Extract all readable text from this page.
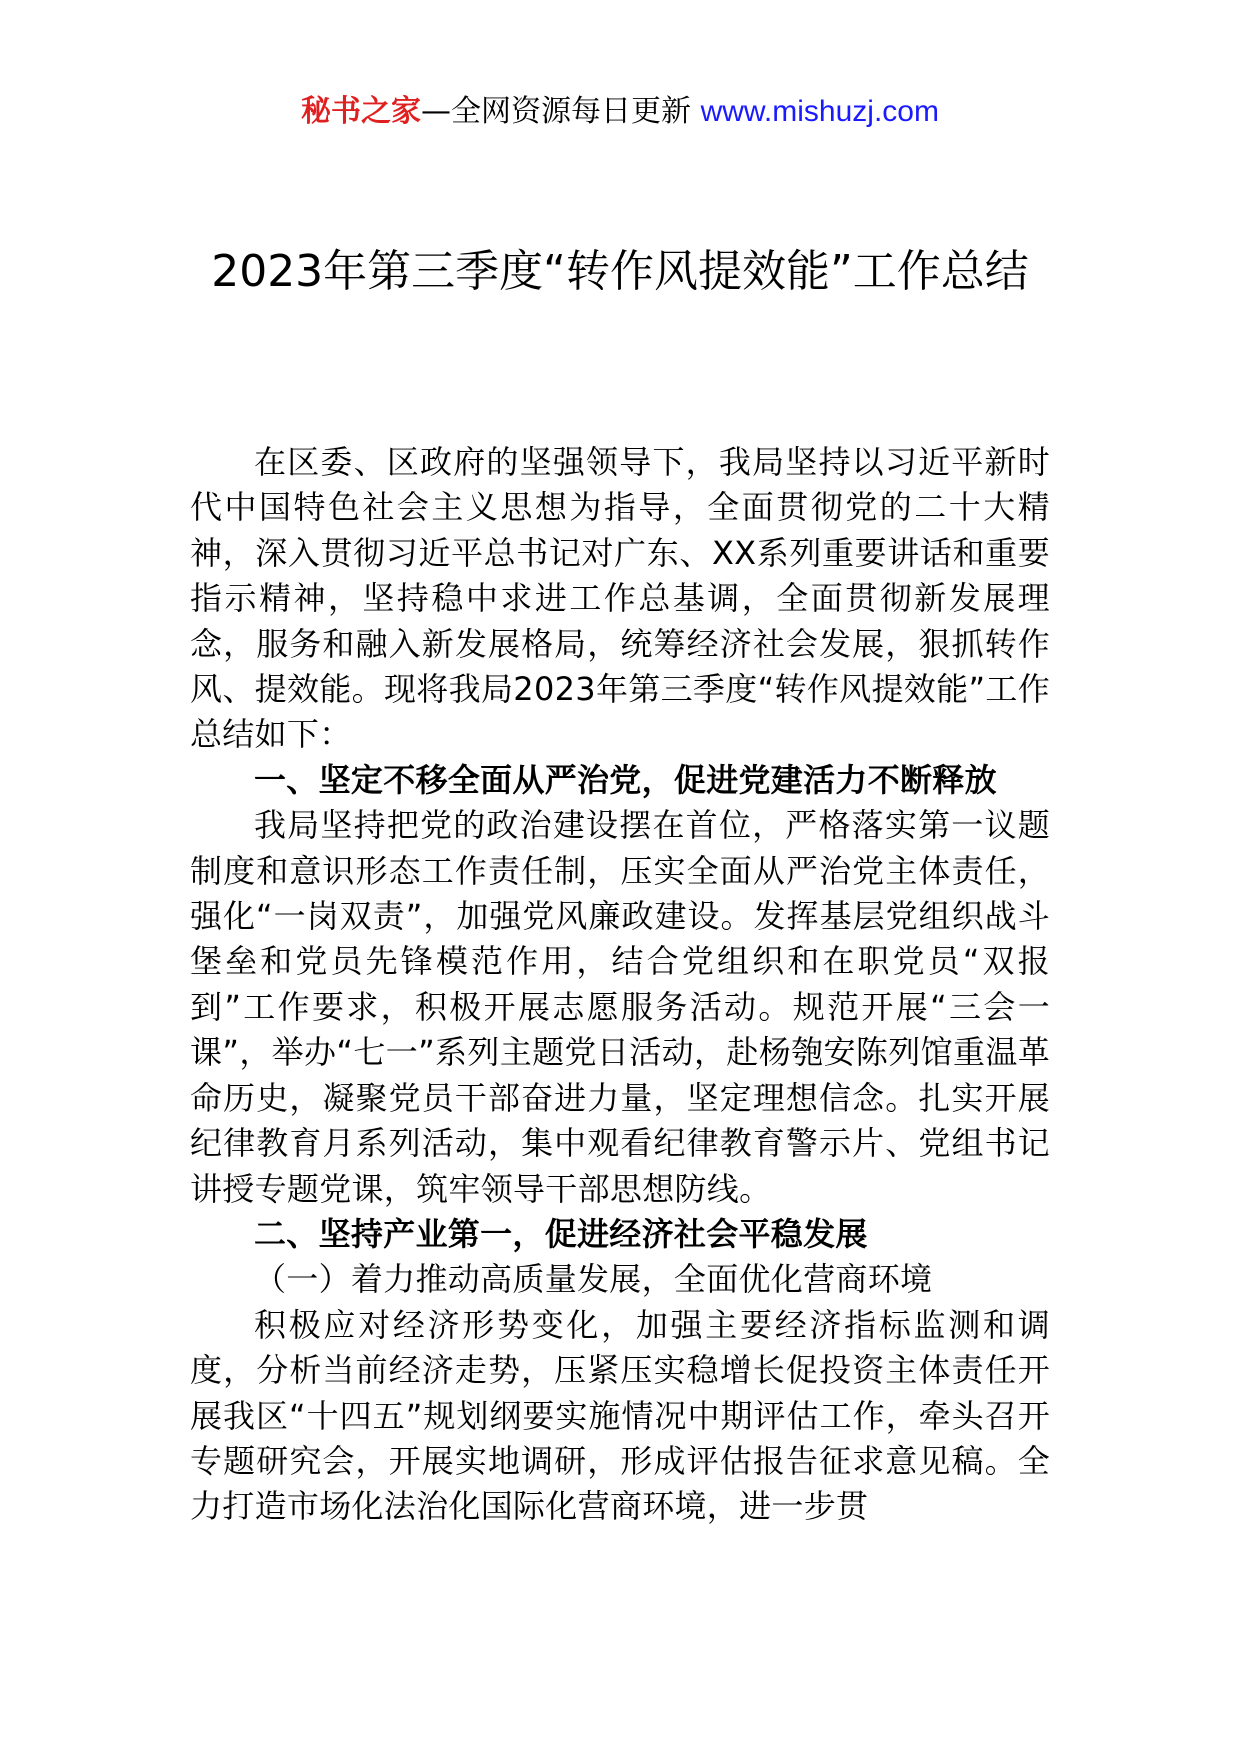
秘书之家—全网资源每日更新 www.mishuzj.com
2023年第三季度“转作风提效能”工作总结

在区委、区政府的坚强领导下，我局坚持以习近平新时代中国特色社会主义思想为指导，全面贯彻党的二十大精神，深入贯彻习近平总书记对广东、XX系列重要讲话和重要指示精神，坚持稳中求进工作总基调，全面贯彻新发展理念，服务和融入新发展格局，统筹经济社会发展，狠抓转作风、提效能。现将我局2023年第三季度“转作风提效能”工作总结如下：

一、坚定不移全面从严治党，促进党建活力不断释放

我局坚持把党的政治建设摆在首位，严格落实第一议题制度和意识形态工作责任制，压实全面从严治党主体责任，强化“一岗双责”，加强党风廉政建设。发挥基层党组织战斗堡垒和党员先锋模范作用，结合党组织和在职党员“双报到”工作要求，积极开展志愿服务活动。规范开展“三会一课”，举办“七一”系列主题党日活动，赴杨匏安陈列馆重温革命历史，凝聚党员干部奋进力量，坚定理想信念。扎实开展纪律教育月系列活动，集中观看纪律教育警示片、党组书记讲授专题党课，筑牢领导干部思想防线。

二、坚持产业第一，促进经济社会平稳发展

（一）着力推动高质量发展，全面优化营商环境

积极应对经济形势变化，加强主要经济指标监测和调度，分析当前经济走势，压紧压实稳增长促投资主体责任开展我区“十四五”规划纲要实施情况中期评估工作，牵头召开专题研究会，开展实地调研，形成评估报告征求意见稿。全力打造市场化法治化国际化营商环境，进一步贯
